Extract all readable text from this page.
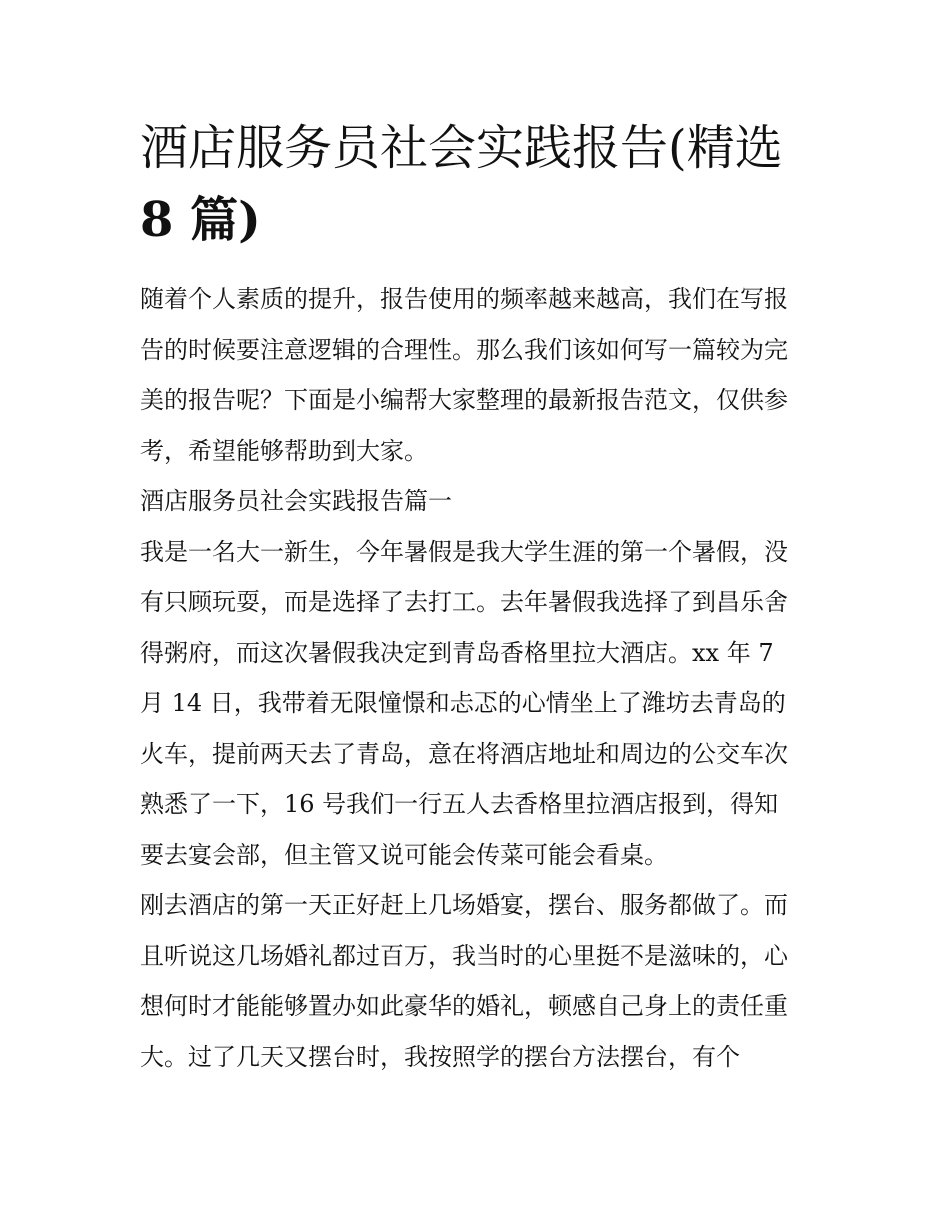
酒店服务员社会实践报告(精选
8 篇)

随着个人素质的提升，报告使用的频率越来越高，我们在写报
告的时候要注意逻辑的合理性。那么我们该如何写一篇较为完
美的报告呢？下面是小编帮大家整理的最新报告范文，仅供参
考，希望能够帮助到大家。

酒店服务员社会实践报告篇一

我是一名大一新生，今年暑假是我大学生涯的第一个暑假，没
有只顾玩耍，而是选择了去打工。去年暑假我选择了到昌乐舍
得粥府，而这次暑假我决定到青岛香格里拉大酒店。xx 年 7
月 14 日，我带着无限憧憬和忐忑的心情坐上了潍坊去青岛的
火车，提前两天去了青岛，意在将酒店地址和周边的公交车次
熟悉了一下，16 号我们一行五人去香格里拉酒店报到，得知
要去宴会部，但主管又说可能会传菜可能会看桌。

刚去酒店的第一天正好赶上几场婚宴，摆台、服务都做了。而
且听说这几场婚礼都过百万，我当时的心里挺不是滋味的，心
想何时才能能够置办如此豪华的婚礼，顿感自己身上的责任重
大。过了几天又摆台时，我按照学的摆台方法摆台，有个
